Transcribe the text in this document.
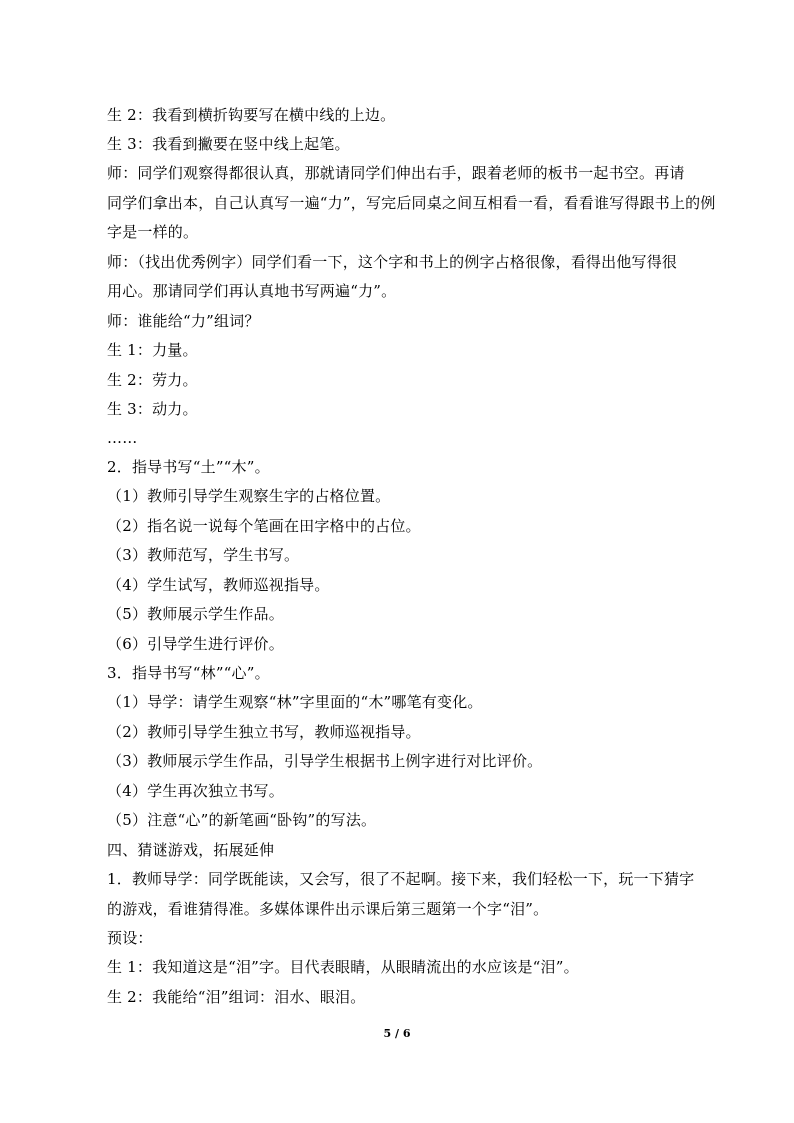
生 2：我看到横折钩要写在横中线的上边。
生 3：我看到撇要在竖中线上起笔。
师：同学们观察得都很认真，那就请同学们伸出右手，跟着老师的板书一起书空。再请
同学们拿出本，自己认真写一遍“力”，写完后同桌之间互相看一看，看看谁写得跟书上的例
字是一样的。
师：（找出优秀例字）同学们看一下，这个字和书上的例字占格很像，看得出他写得很
用心。那请同学们再认真地书写两遍“力”。
师：谁能给“力”组词？
生 1：力量。
生 2：劳力。
生 3：动力。
……
2．指导书写“土”“木”。
（1）教师引导学生观察生字的占格位置。
（2）指名说一说每个笔画在田字格中的占位。
（3）教师范写，学生书写。
（4）学生试写，教师巡视指导。
（5）教师展示学生作品。
（6）引导学生进行评价。
3．指导书写“林”“心”。
（1）导学：请学生观察“林”字里面的“木”哪笔有变化。
（2）教师引导学生独立书写，教师巡视指导。
（3）教师展示学生作品，引导学生根据书上例字进行对比评价。
（4）学生再次独立书写。
（5）注意“心”的新笔画“卧钩”的写法。
四、猜谜游戏，拓展延伸
1．教师导学：同学既能读，又会写，很了不起啊。接下来，我们轻松一下，玩一下猜字
的游戏，看谁猜得准。多媒体课件出示课后第三题第一个字“泪”。
预设：
生 1：我知道这是“泪”字。目代表眼睛，从眼睛流出的水应该是“泪”。
生 2：我能给“泪”组词：泪水、眼泪。
5 / 6
